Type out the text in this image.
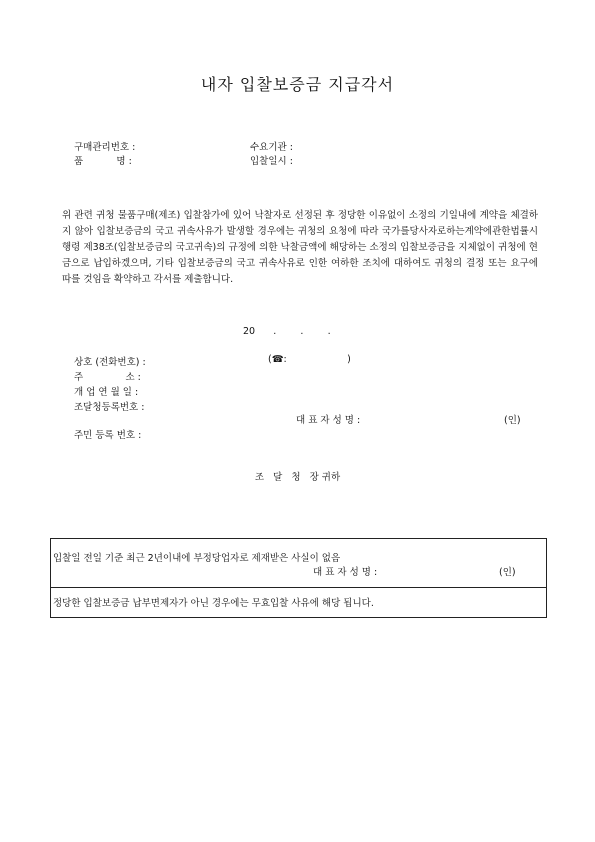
내자 입찰보증금 지급각서
구매관리번호 :	수요기관 :
품           명 :	입찰일시 :
위 관련 귀청 물품구매(제조) 입찰참가에 있어 낙찰자로 선정된 후 정당한 이유없이 소정의 기일내에 계약을 체결하지 않아 입찰보증금의 국고 귀속사유가 발생할 경우에는 귀청의 요청에 따라 국가를당사자로하는계약에관한법률시행령 제38조(입찰보증금의 국고귀속)의 규정에 의한 낙찰금액에 해당하는 소정의 입찰보증금을 지체없이 귀청에 현금으로 납입하겠으며, 기타 입찰보증금의 국고 귀속사유로 인한 여하한 조치에 대하여도 귀청의 결정 또는 요구에 따를 것임을 확약하고 각서를 제출합니다.
20      .        .        .
상호 (전화번호) :	(☎:                    )
주              소 :
개 업 연 월 일 :
조달청등록번호 :
대 표 자 성 명 :	(인)
주민 등록 번호 :
조   달   청   장 귀하
입찰일 전일 기준 최근 2년이내에 부정당업자로 제재받은 사실이 없음
대 표 자 성 명 :	(인)
정당한 입찰보증금 납부면제자가 아닌 경우에는 무효입찰 사유에 해당 됩니다.
